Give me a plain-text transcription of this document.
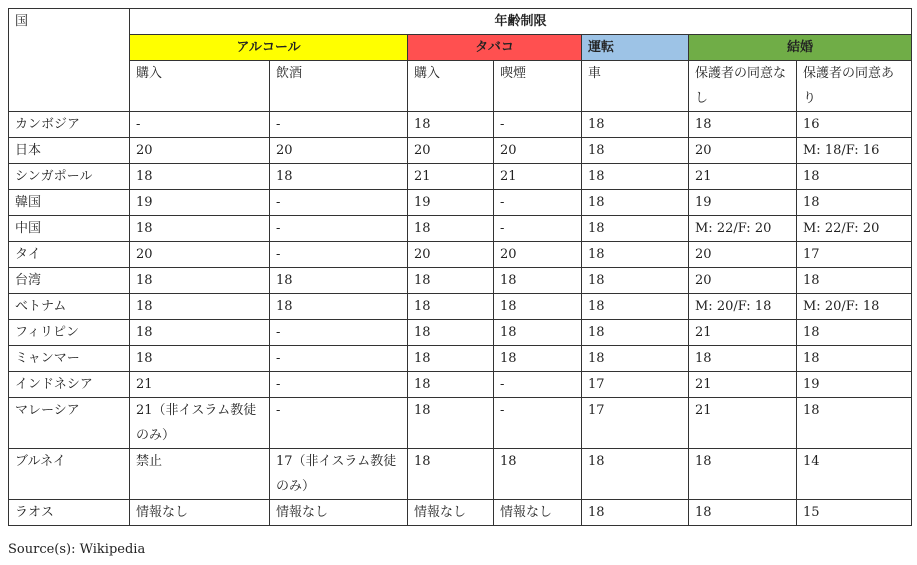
国	年齢制限						
	アルコール		タバコ		運転	結婚	
	購入	飲酒	購入	喫煙	車	保護者の同意なし	保護者の同意あり
カンボジア	-	-	18	-	18	18	16
日本	20	20	20	20	18	20	M: 18/F: 16
シンガポール	18	18	21	21	18	21	18
韓国	19	-	19	-	18	19	18
中国	18	-	18	-	18	M: 22/F: 20	M: 22/F: 20
タイ	20	-	20	20	18	20	17
台湾	18	18	18	18	18	20	18
ベトナム	18	18	18	18	18	M: 20/F: 18	M: 20/F: 18
フィリピン	18	-	18	18	18	21	18
ミャンマー	18	-	18	18	18	18	18
インドネシア	21	-	18	-	17	21	19
マレーシア	21（非イスラム教徒のみ）	-	18	-	17	21	18
ブルネイ	禁止	17（非イスラム教徒のみ）	18	18	18	18	14
ラオス	情報なし	情報なし	情報なし	情報なし	18	18	15
Source(s): Wikipedia
